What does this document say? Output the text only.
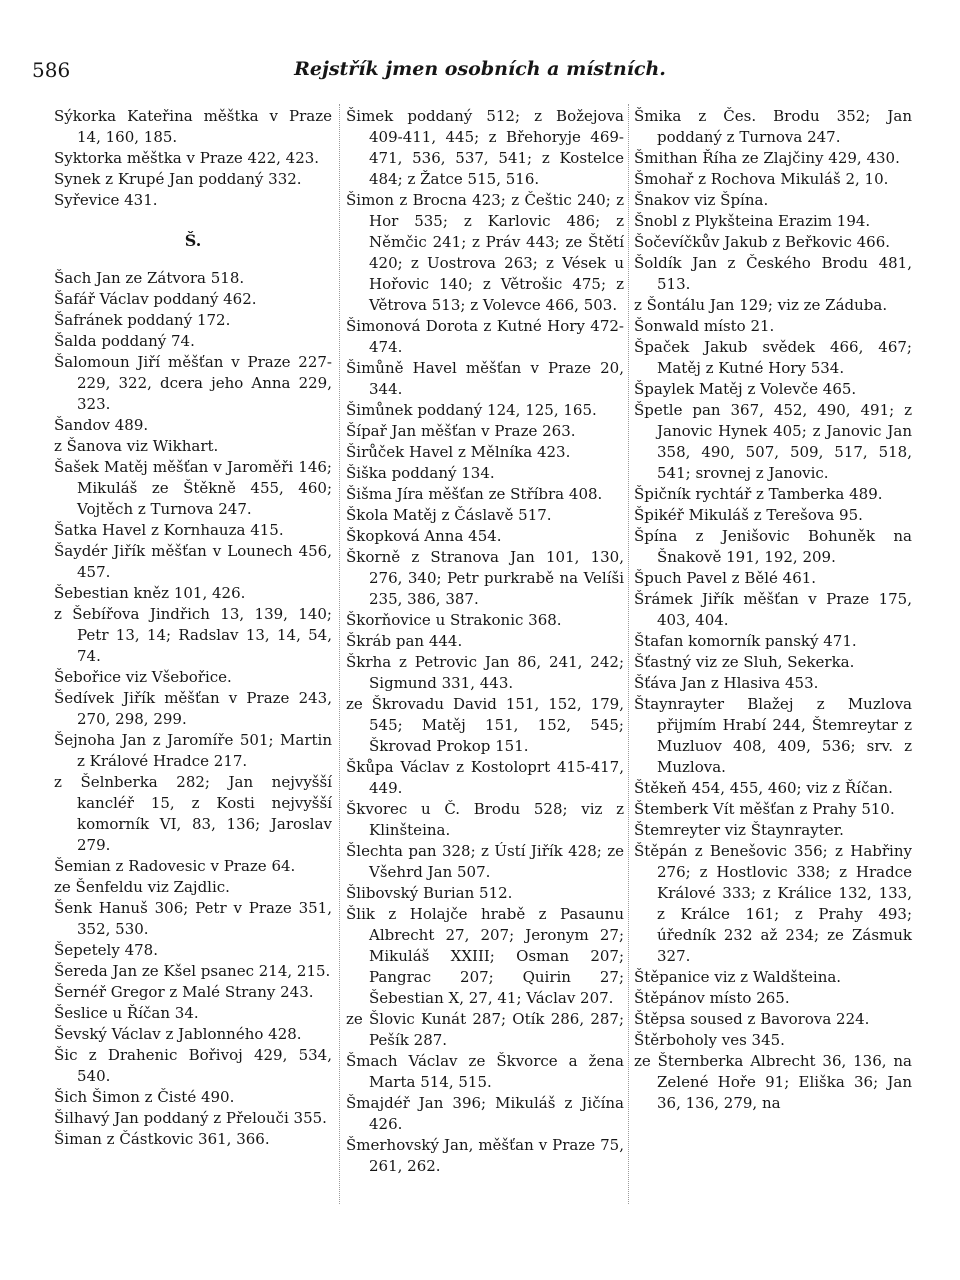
586	Rejstřík jmen osobních a místních.

Sýkorka Kateřina měštka v Praze 14, 160, 185.

Syktorka měštka v Praze 422, 423.

Synek z Krupé Jan poddaný 332.

Syřevice 431.

Š.

Šach Jan ze Zátvora 518.

Šafář Václav poddaný 462.

Šafránek poddaný 172.

Šalda poddaný 74.

Šalomoun Jiří měšťan v Praze 227-229, 322, dcera jeho Anna 229, 323.

Šandov 489.

z Šanova viz Wikhart.

Šašek Matěj měšťan v Jaroměři 146; Mikuláš ze Štěkně 455, 460; Vojtěch z Turnova 247.

Šatka Havel z Kornhauza 415.

Šaydér Jiřík měšťan v Lounech 456, 457.

Šebestian kněz 101, 426.

z Šebířova Jindřich 13, 139, 140; Petr 13, 14; Radslav 13, 14, 54, 74.

Šebořice viz Všebořice.

Šedívek Jiřík měšťan v Praze 243, 270, 298, 299.

Šejnoha Jan z Jaromíře 501; Martin z Králové Hradce 217.

z Šelnberka 282; Jan nejvyšší kancléř 15, z Kosti nejvyšší komorník VI, 83, 136; Jaroslav 279.

Šemian z Radovesic v Praze 64.

ze Šenfeldu viz Zajdlic.

Šenk Hanuš 306; Petr v Praze 351, 352, 530.

Šepetely 478.

Šereda Jan ze Kšel psanec 214, 215.

Šernéř Gregor z Malé Strany 243.

Šeslice u Říčan 34.

Ševský Václav z Jablonného 428.

Šic z Drahenic Bořivoj 429, 534, 540.

Šich Šimon z Čisté 490.

Šilhavý Jan poddaný z Přelouči 355.

Šiman z Částkovic 361, 366.

Šimek poddaný 512; z Božejova 409-411, 445; z Břehoryje 469-471, 536, 537, 541; z Kostelce 484; z Žatce 515, 516.

Šimon z Brocna 423; z Češtic 240; z Hor 535; z Karlovic 486; z Němčic 241; z Práv 443; ze Štětí 420; z Uostrova 263; z Vések u Hořovic 140; z Větrošic 475; z Větrova 513; z Volevce 466, 503.

Šimonová Dorota z Kutné Hory 472-474.

Šimůně Havel měšťan v Praze 20, 344.

Šimůnek poddaný 124, 125, 165.

Šípař Jan měšťan v Praze 263.

Širůček Havel z Mělníka 423.

Šiška poddaný 134.

Šišma Jíra měšťan ze Stříbra 408.

Škola Matěj z Čáslavě 517.

Škopková Anna 454.

Škorně z Stranova Jan 101, 130, 276, 340; Petr purkrabě na Velíši 235, 386, 387.

Škorňovice u Strakonic 368.

Škráb pan 444.

Škrha z Petrovic Jan 86, 241, 242; Sigmund 331, 443.

ze Škrovadu David 151, 152, 179, 545; Matěj 151, 152, 545; Škrovad Prokop 151.

Škůpa Václav z Kostoloprt 415-417, 449.

Škvorec u Č. Brodu 528; viz z Klinšteina.

Šlechta pan 328; z Ústí Jiřík 428; ze Všehrd Jan 507.

Šlibovský Burian 512.

Šlik z Holajče hrabě z Pasaunu Albrecht 27, 207; Jeronym 27; Mikuláš XXIII; Osman 207; Pangrac 207; Quirin 27; Šebestian X, 27, 41; Václav 207.

ze Šlovic Kunát 287; Otík 286, 287; Pešík 287.

Šmach Václav ze Škvorce a žena Marta 514, 515.

Šmajdéř Jan 396; Mikuláš z Jičína 426.

Šmerhovský Jan, měšťan v Praze 75, 261, 262.

Šmika z Čes. Brodu 352; Jan poddaný z Turnova 247.

Šmithan Říha ze Zlajčiny 429, 430.

Šmohař z Rochova Mikuláš 2, 10.

Šnakov viz Špína.

Šnobl z Plykšteina Erazim 194.

Šočevíčkův Jakub z Beřkovic 466.

Šoldík Jan z Českého Brodu 481, 513.

z Šontálu Jan 129; viz ze Záduba.

Šonwald místo 21.

Špaček Jakub svědek 466, 467; Matěj z Kutné Hory 534.

Špaylek Matěj z Volevče 465.

Špetle pan 367, 452, 490, 491; z Janovic Hynek 405; z Janovic Jan 358, 490, 507, 509, 517, 518, 541; srovnej z Janovic.

Špičník rychtář z Tamberka 489.

Špikéř Mikuláš z Terešova 95.

Špína z Jenišovic Bohuněk na Šnakově 191, 192, 209.

Špuch Pavel z Bělé 461.

Šrámek Jiřík měšťan v Praze 175, 403, 404.

Štafan komorník panský 471.

Šťastný viz ze Sluh, Sekerka.

Šťáva Jan z Hlasiva 453.

Štaynrayter Blažej z Muzlova přijmím Hrabí 244, Štemreytar z Muzluov 408, 409, 536; srv. z Muzlova.

Štěkeň 454, 455, 460; viz z Říčan.

Štemberk Vít měšťan z Prahy 510.

Štemreyter viz Štaynrayter.

Štěpán z Benešovic 356; z Habřiny 276; z Hostlovic 338; z Hradce Králové 333; z Králice 132, 133, z Králce 161; z Prahy 493; úředník 232 až 234; ze Zásmuk 327.

Štěpanice viz z Waldšteina.

Štěpánov místo 265.

Štěpsa soused z Bavorova 224.

Štěrboholy ves 345.

ze Šternberka Albrecht 36, 136, na Zelené Hoře 91; Eliška 36; Jan 36, 136, 279, na
